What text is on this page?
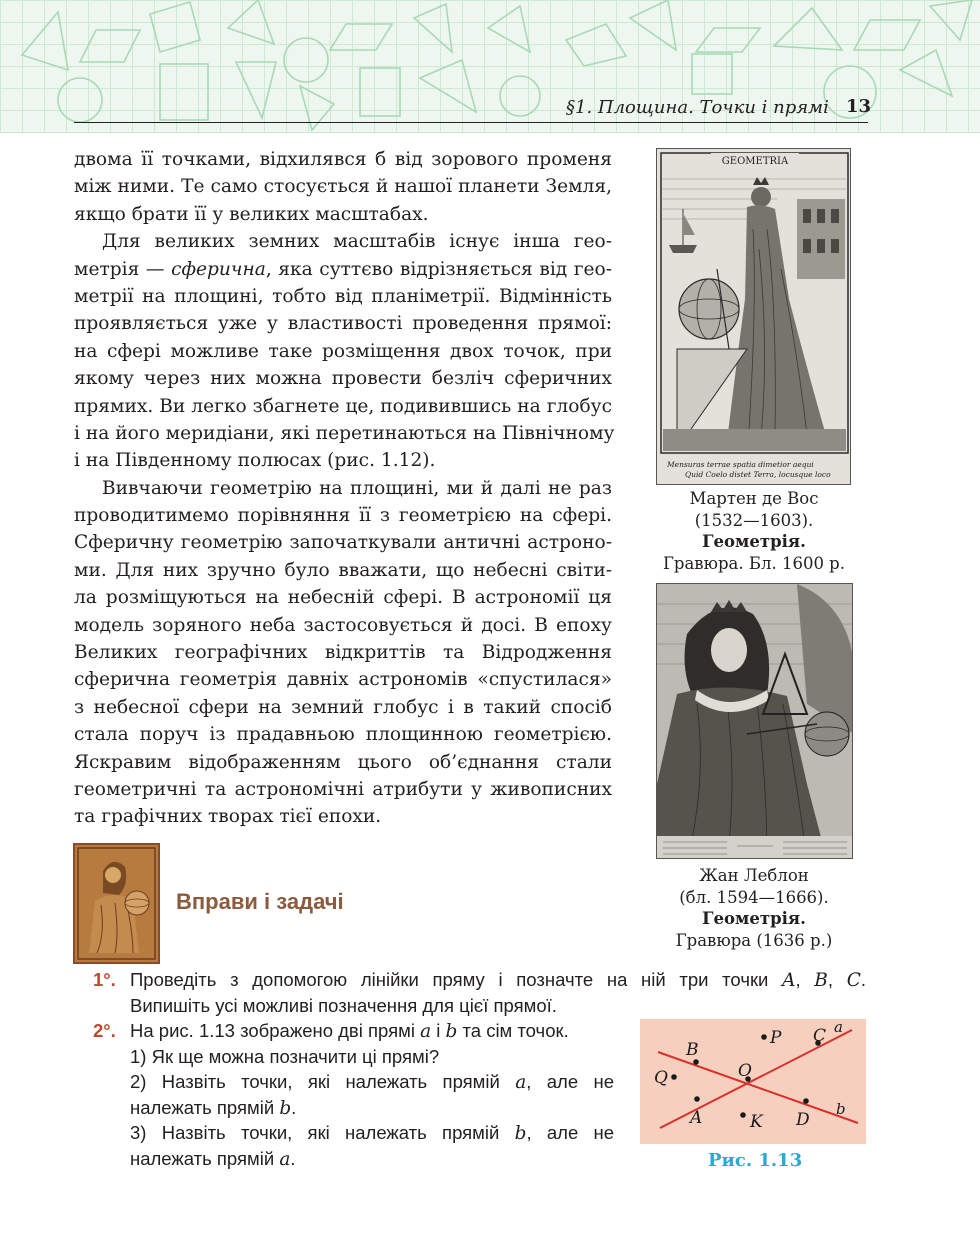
§1. Площина. Точки і прямі 13
двома її точками, відхилявся б від зорового променя
між ними. Те само стосується й нашої планети Земля,
якщо брати її у великих масштабах.
Для великих земних масштабів існує інша гео-
метрія — сферична, яка суттєво відрізняється від гео-
метрії на площині, тобто від планіметрії. Відмінність
проявляється уже у властивості проведення прямої:
на сфері можливе таке розміщення двох точок, при
якому через них можна провести безліч сферичних
прямих. Ви легко збагнете це, подивившись на глобус
і на його меридіани, які перетинаються на Північному
і на Південному полюсах (рис. 1.12).
Вивчаючи геометрію на площині, ми й далі не раз
проводитимемо порівняння її з геометрією на сфері.
Сферичну геометрію започаткували античні астроно-
ми. Для них зручно було вважати, що небесні світи-
ла розміщуються на небесній сфері. В астрономії ця
модель зоряного неба застосовується й досі. В епоху
Великих географічних відкриттів та Відродження
сферична геометрія давніх астрономів «спустилася»
з небесної сфери на земний глобус і в такий спосіб
стала поруч із прадавньою площинною геометрією.
Яскравим відображенням цього об’єднання стали
геометричні та астрономічні атрибути у живописних
та графічних творах тієї епохи.
GEOMETRIA
Mensuras terrae spatia dimetior aequi
Quid Coelo distet Terra, locusque loco
Мартен де Вос
(1532—1603).
Геометрія.
Гравюра. Бл. 1600 р.
Жан Леблон
(бл. 1594—1666).
Геометрія.
Гравюра (1636 р.)
Вправи і задачі
1°. Проведіть з допомогою лінійки пряму і позначте на ній три точки A, B, C.
Випишіть усі можливі позначення для цієї прямої.
2°. На рис. 1.13 зображено дві прямі a і b та сім точок.
1) Як ще можна позначити ці прямі?
2) Назвіть точки, які належать прямій a, але не
належать прямій b.
3) Назвіть точки, які належать прямій b, але не
належать прямій a.
P C a
B
O
Q
b
A	K D
Рис. 1.13
